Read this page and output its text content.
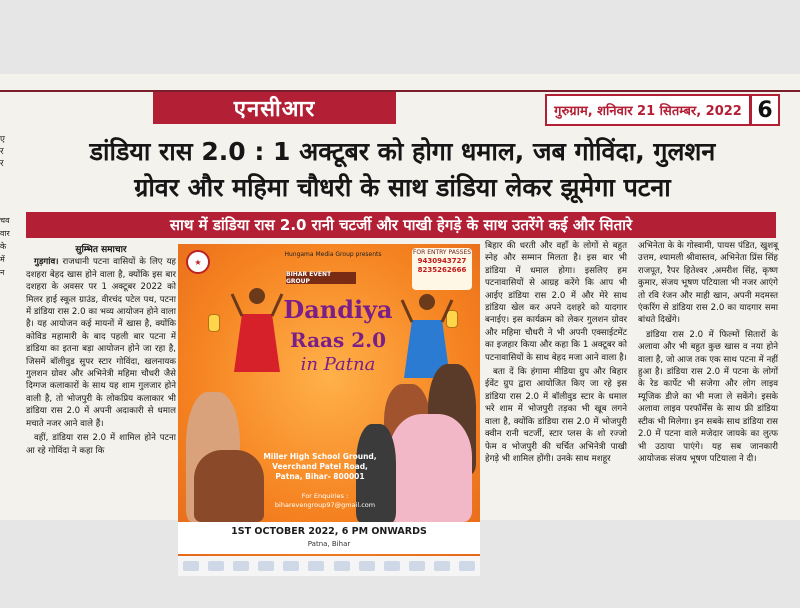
एनसीआर	गुरुग्राम, शनिवार 21 सितम्बर, 2022 6
ए
र
र	डांडिया रास 2.0 : 1 अक्टूबर को होगा धमाल, जब गोविंदा, गुलशन
ग्रोवर और महिमा चौधरी के साथ डांडिया लेकर झूमेगा पटना
साथ में डांडिया रास 2.0 रानी चटर्जी और पाखी हेगड़े के साथ उतरेंगे कई और सितारे
चव
वार
के
में
न
सुम्भित समाचार

गुड़गांव। राजधानी पटना वासियों के लिए यह दशहरा बेहद खास होने वाला है, क्योंकि इस बार दशहरा के अवसर पर 1 अक्टूबर 2022 को मिलर हाई स्कूल ग्राउंड, वीरचंद पटेल पथ, पटना में डांडिया रास 2.0 का भव्य आयोजन होने वाला है। यह आयोजन कई मायनों में खास है, क्योंकि कोविड महामारी के बाद पहली बार पटना में डांडिया का इतना बड़ा आयोजन होने जा रहा है, जिसमें बॉलीवुड सुपर स्टार गोविंदा, खलनायक गुलशन ग्रोवर और अभिनेत्री महिमा चौधरी जैसे दिग्गज कलाकारों के साथ यह शाम गुलजार होने वाली है, तो भोजपुरी के लोकप्रिय कलाकार भी डांडिया रास 2.0 में अपनी अदाकारी से धमाल मचाते नजर आने वाले हैं।

वहीं, डांडिया रास 2.0 में शामिल होने पटना आ रहे गोविंदा ने कहा कि

★
Hungama Media Group presents
BIHAR EVENT GROUP
FOR ENTRY PASSES
9430943727
8235262666
Dandiya
Raas 2.0
in Patna
Miller High School Ground,
Veerchand Patel Road,
Patna, Bihar- 800001
For Enquiries :
biharevengroup97@gmail.com
1ST OCTOBER 2022, 6 PM ONWARDS
Patna, Bihar

बिहार की धरती और वहाँ के लोगों से बहुत स्नेह और सम्मान मिलता है। इस बार भी डांडिया में धमाल होगा। इसलिए हम पटनावासियों से आग्रह करेंगे कि आप भी आईए डांडिया रास 2.0 में और मेरे साथ डांडिया खेल कर अपने दशहरे को यादगार बनाईए। इस कार्यक्रम को लेकर गुलशन ग्रोवर और महिमा चौधरी ने भी अपनी एक्साईटमेंट का इजहार किया और कहा कि 1 अक्टूबर को पटनावासियों के साथ बेहद मजा आने वाला है।

बता दें कि हंगामा मीडिया ग्रुप और बिहार ईवेंट ग्रुप द्वारा आयोजित किए जा रहे इस डांडिया रास 2.0 में बॉलीवुड स्टार के धमाल भरे शाम में भोजपुरी तड़का भी खूब लगने वाला है, क्योंकि डांडिया रास 2.0 में भोजपुरी क्वीन रानी चटर्जी, स्टार प्लस के शो रज्जो फेम व भोजपुरी की चर्चित अभिनेत्री पाखी हेगड़े भी शामिल होंगी। उनके साथ मशहूर

अभिनेता के के गोस्वामी, पायस पंडित, खुशबू उत्तम, श्यामली श्रीवास्तव, अभिनेता प्रिंस सिंह राजपूत, रैपर हितेश्वर ,अमरीश सिंह, कृष्ण कुमार, संजय भूषण पटियाला भी नजर आएंगे तो रवि रंजन और माही खान, अपनी मदमस्त एंकरिंग से डांडिया रास 2.0 का यादगार समा बांधते दिखेंगे।

डांडिया रास 2.0 में फिल्मों सितारों के अलावा और भी बहुत कुछ खास व नया होने वाला है, जो आज तक एक साथ पटना में नहीं हुआ है। डांडिया रास 2.0 में पटना के लोगों के रेड कार्पेट भी सजेगा और लोग लाइव म्यूजिक डीजे का भी मजा ले सकेंगे। इसके अलावा लाइव परफॉर्मेंस के साथ फ्री डांडिया स्टीक भी मिलेगा। इन सबके साथ डांडिया रास 2.0 में पटना वाले मजेदार जायके का लुत्फ भी उठाया पाएंगे। यह सब जानकारी आयोजक संजय भूषण पटियाला ने दी।
